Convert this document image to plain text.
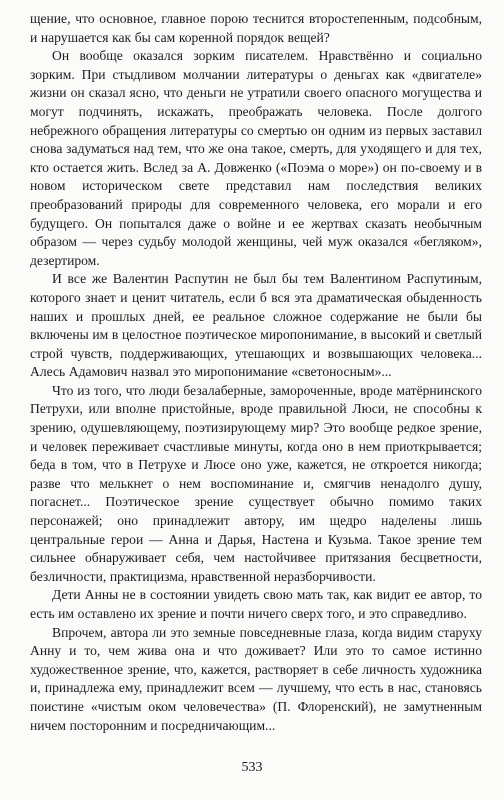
щение, что основное, главное порою теснится второстепенным, подсобным, и нарушается как бы сам коренной порядок вещей?

Он вообще оказался зорким писателем. Нравствённо и социально зорким. При стыдливом молчании литературы о деньгах как «двигателе» жизни он сказал ясно, что деньги не утратили своего опасного могущества и могут подчинять, искажать, преображать человека. После долгого небрежного обращения литературы со смертью он одним из первых заставил снова задуматься над тем, что же она такое, смерть, для уходящего и для тех, кто остается жить. Вслед за А. Довженко («Поэма о море») он по-своему и в новом историческом свете представил нам последствия великих преобразований природы для современного человека, его морали и его будущего. Он попытался даже о войне и ее жертвах сказать необычным образом — через судьбу молодой женщины, чей муж оказался «бегляком», дезертиром.

И все же Валентин Распутин не был бы тем Валентином Распутиным, которого знает и ценит читатель, если б вся эта драматическая обыденность наших и прошлых дней, ее реальное сложное содержание не были бы включены им в целостное поэтическое миропонимание, в высокий и светлый строй чувств, поддерживающих, утешающих и возвышающих человека... Алесь Адамович назвал это миропонимание «светоносным»...

Что из того, что люди безалаберные, замороченные, вроде матёрнинского Петрухи, или вполне пристойные, вроде правильной Люси, не способны к зрению, одушевляющему, поэтизирующему мир? Это вообще редкое зрение, и человек переживает счастливые минуты, когда оно в нем приоткрывается; беда в том, что в Петрухе и Люсе оно уже, кажется, не откроется никогда; разве что мелькнет о нем воспоминание и, смягчив ненадолго душу, погаснет... Поэтическое зрение существует обычно помимо таких персонажей; оно принадлежит автору, им щедро наделены лишь центральные герои — Анна и Дарья, Настена и Кузьма. Такое зрение тем сильнее обнаруживает себя, чем настойчивее притязания бесцветности, безличности, практицизма, нравственной неразборчивости.

Дети Анны не в состоянии увидеть свою мать так, как видит ее автор, то есть им оставлено их зрение и почти ничего сверх того, и это справедливо.

Впрочем, автора ли это земные повседневные глаза, когда видим старуху Анну и то, чем жива она и что доживает? Или это то самое истинно художественное зрение, что, кажется, растворяет в себе личность художника и, принадлежа ему, принадлежит всем — лучшему, что есть в нас, становясь поистине «чистым оком человечества» (П. Флоренский), не замутненным ничем посторонним и посредничающим...

533
